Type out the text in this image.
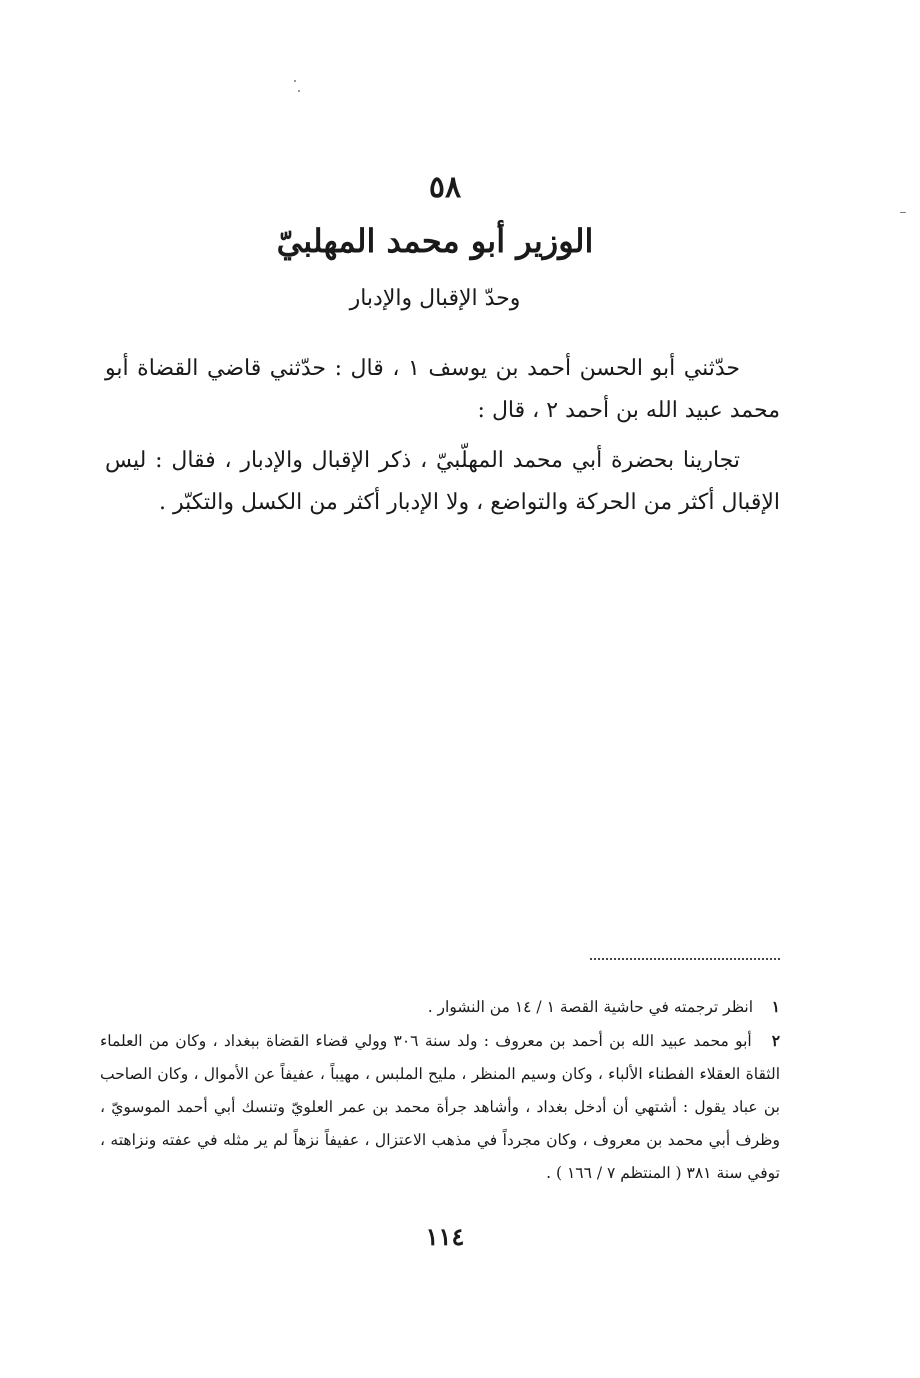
٥٨
الوزير أبو محمد المهلبيّ
وحدّ الإقبال والإدبار

حدّثني أبو الحسن أحمد بن يوسف ١ ، قال : حدّثني قاضي القضاة أبو محمد عبيد الله بن أحمد ٢ ، قال :

تجارينا بحضرة أبي محمد المهلّبيّ ، ذكر الإقبال والإدبار ، فقال : ليس الإقبال أكثر من الحركة والتواضع ، ولا الإدبار أكثر من الكسل والتكبّر .

١ انظر ترجمته في حاشية القصة ١ / ١٤ من النشوار .

٢ أبو محمد عبيد الله بن أحمد بن معروف : ولد سنة ٣٠٦ وولي قضاء القضاة ببغداد ، وكان من العلماء الثقاة العقلاء الفطناء الألباء ، وكان وسيم المنظر ، مليح الملبس ، مهيباً ، عفيفاً عن الأموال ، وكان الصاحب بن عباد يقول : أشتهي أن أدخل بغداد ، وأشاهد جرأة محمد بن عمر العلويّ وتنسك أبي أحمد الموسويّ ، وظرف أبي محمد بن معروف ، وكان مجرداً في مذهب الاعتزال ، عفيفاً نزهاً لم ير مثله في عفته ونزاهته ، توفي سنة ٣٨١ ( المنتظم ٧ / ١٦٦ ) .

١١٤
